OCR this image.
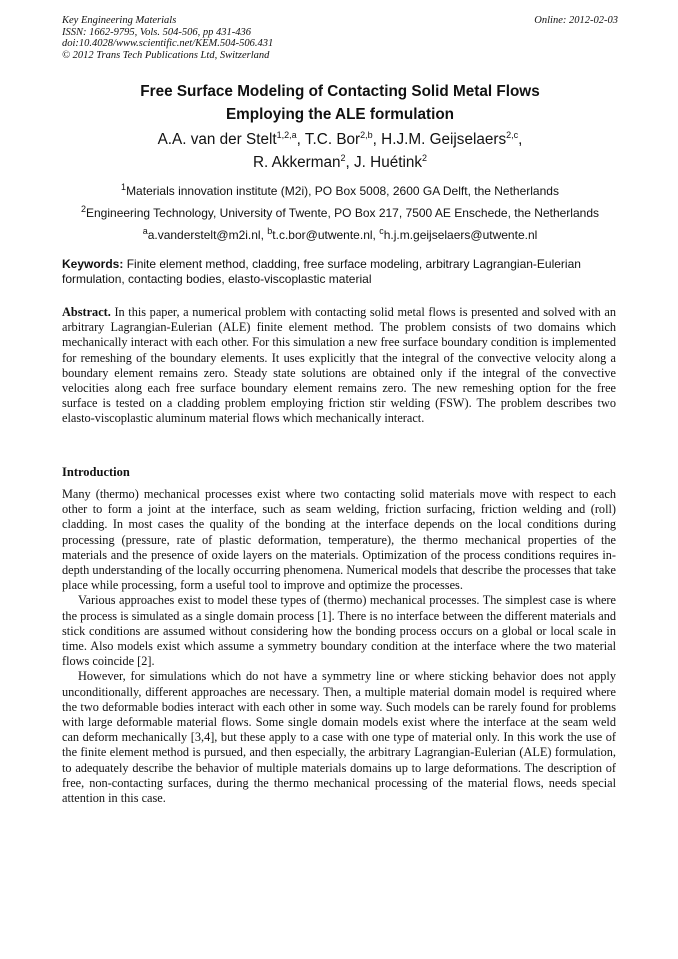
Key Engineering Materials
ISSN: 1662-9795, Vols. 504-506, pp 431-436
doi:10.4028/www.scientific.net/KEM.504-506.431
© 2012 Trans Tech Publications Ltd, Switzerland
Online: 2012-02-03
Free Surface Modeling of Contacting Solid Metal Flows
Employing the ALE formulation
A.A. van der Stelt$^{1,2,a}$, T.C. Bor$^{2,b}$, H.J.M. Geijselaers$^{2,c}$,
R. Akkerman$^2$, J. Huétink$^2$
$^1$Materials innovation institute (M2i), PO Box 5008, 2600 GA Delft, the Netherlands
$^2$Engineering Technology, University of Twente, PO Box 217, 7500 AE Enschede, the Netherlands
$^a$a.vanderstelt@m2i.nl, $^b$t.c.bor@utwente.nl, $^c$h.j.m.geijselaers@utwente.nl
Keywords: Finite element method, cladding, free surface modeling, arbitrary Lagrangian-Eulerian formulation, contacting bodies, elasto-viscoplastic material
Abstract. In this paper, a numerical problem with contacting solid metal flows is presented and solved with an arbitrary Lagrangian-Eulerian (ALE) finite element method. The problem consists of two domains which mechanically interact with each other. For this simulation a new free surface boundary condition is implemented for remeshing of the boundary elements. It uses explicitly that the integral of the convective velocity along a boundary element remains zero. Steady state solutions are obtained only if the integral of the convective velocities along each free surface boundary element remains zero. The new remeshing option for the free surface is tested on a cladding problem employing friction stir welding (FSW). The problem describes two elasto-viscoplastic aluminum material flows which mechanically interact.
Introduction

Many (thermo) mechanical processes exist where two contacting solid materials move with respect to each other to form a joint at the interface, such as seam welding, friction surfacing, friction welding and (roll) cladding. In most cases the quality of the bonding at the interface depends on the local conditions during processing (pressure, rate of plastic deformation, temperature), the thermo mechanical properties of the materials and the presence of oxide layers on the materials. Optimization of the process conditions requires in-depth understanding of the locally occurring phenomena. Numerical models that describe the processes that take place while processing, form a useful tool to improve and optimize the processes.

Various approaches exist to model these types of (thermo) mechanical processes. The simplest case is where the process is simulated as a single domain process [1]. There is no interface between the different materials and stick conditions are assumed without considering how the bonding process occurs on a global or local scale in time. Also models exist which assume a symmetry boundary condition at the interface where the two material flows coincide [2].

However, for simulations which do not have a symmetry line or where sticking behavior does not apply unconditionally, different approaches are necessary. Then, a multiple material domain model is required where the two deformable bodies interact with each other in some way. Such models can be rarely found for problems with large deformable material flows. Some single domain models exist where the interface at the seam weld can deform mechanically [3,4], but these apply to a case with one type of material only. In this work the use of the finite element method is pursued, and then especially, the arbitrary Lagrangian-Eulerian (ALE) formulation, to adequately describe the behavior of multiple materials domains up to large deformations. The description of free, non-contacting surfaces, during the thermo mechanical processing of the material flows, needs special attention in this case.
